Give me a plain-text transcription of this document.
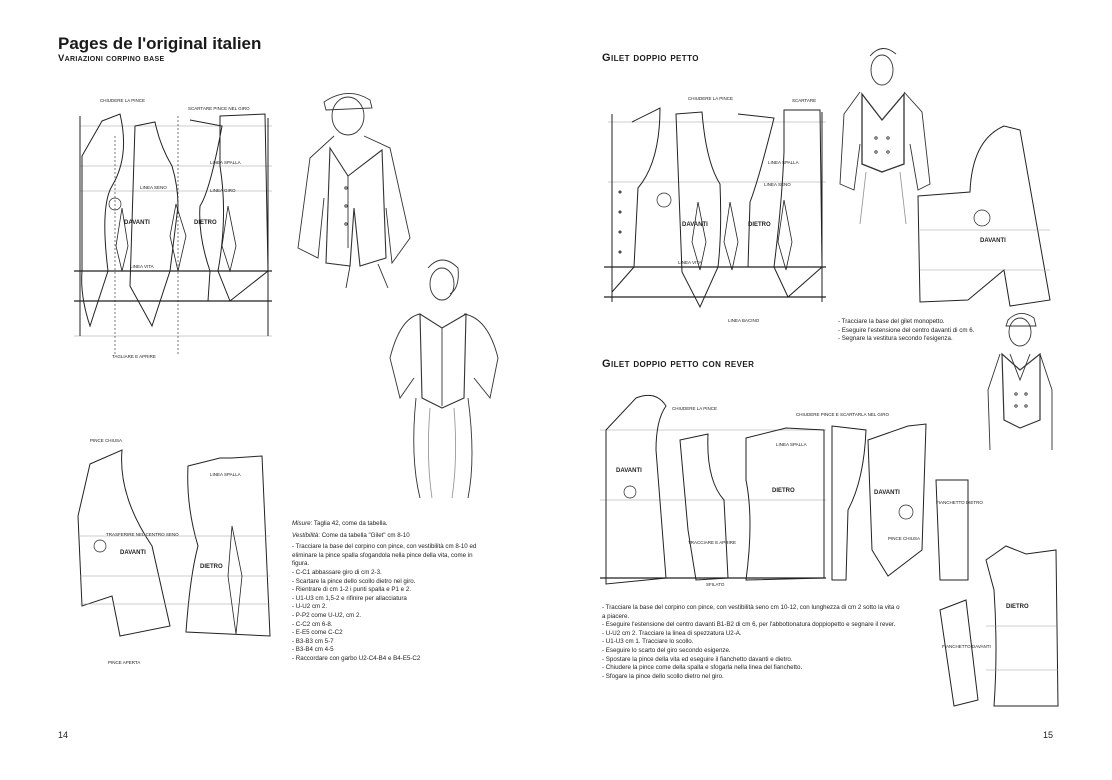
Pages de l'original italien
Variazioni corpino base
CHIUDERE LA PINCE
SCARTARE PINCE NEL GIRO
LINEA SPALLA
LINEA SENO
LINEA GIRO
DAVANTI	DIETRO
LINEA VITA
TAGLIARE E APRIRE
PINCE CHIUSA
LINEA SPALLA
DAVANTI
DIETRO
TRASFERIRE NEL CENTRO SENO
PINCE APERTA

Misure: Taglia 42, come da tabella.

Vestibilità: Come da tabella "Gilet" cm 8-10

- Tracciare la base del corpino con pince, con vestibilità cm 8-10 ed eliminare la pince spalla sfogandola nella pince della vita, come in figura.
- C-C1 abbassare giro di cm 2-3.
- Scartare la pince dello scollo dietro nel giro.
- Rientrare di cm 1-2 i punti spalla e P1 e 2.
- U1-U3 cm 1,5-2 e rifinire per allacciatura
- U-U2 cm 2.
- P-P2 come U-U2, cm 2.
- C-C2 cm 6-8.
- E-E5 come C-C2
- B3-B3 cm 5-7
- B3-B4 cm 4-5
- Raccordare con garbo U2-C4-B4 e B4-E5-C2
14
Gilet doppio petto
CHIUDERE LA PINCE	SCARTARE
LINEA SPALLA
LINEA SENO
DAVANTI	DIETRO
LINEA VITA
LINEA BACINO
DAVANTI
- Tracciare la base del gilet monopetto.
- Eseguire l'estensione del centro davanti di cm 6.
- Segnare la vestitura secondo l'esigenza.
Gilet doppio petto con rever
CHIUDERE LA PINCE
CHIUDERE PINCE E SCARTARLA NEL GIRO
LINEA SPALLA
DAVANTI
DIETRO	DAVANTI
TRACCIARE E APRIRE
FIANCHETTO DIETRO
PINCE CHIUSA
SFILATO
DIETRO
FIANCHETTO DAVANTI
- Tracciare la base del corpino con pince, con vestibilità seno cm 10-12, con lunghezza di cm 2 sotto la vita o a piacere.
- Eseguire l'estensione del centro davanti B1-B2 di cm 6, per l'abbottonatura doppiopetto e segnare il rever.
- U-U2 cm 2. Tracciare la linea di spezzatura U2-A.
- U1-U3 cm 1. Tracciare lo scollo.
- Eseguire lo scarto del giro secondo esigenze.
- Spostare la pince della vita ed eseguire il fianchetto davanti e dietro.
- Chiudere la pince come della spalla e sfogarla nella linea del fianchetto.
- Sfogare la pince dello scollo dietro nel giro.
15
